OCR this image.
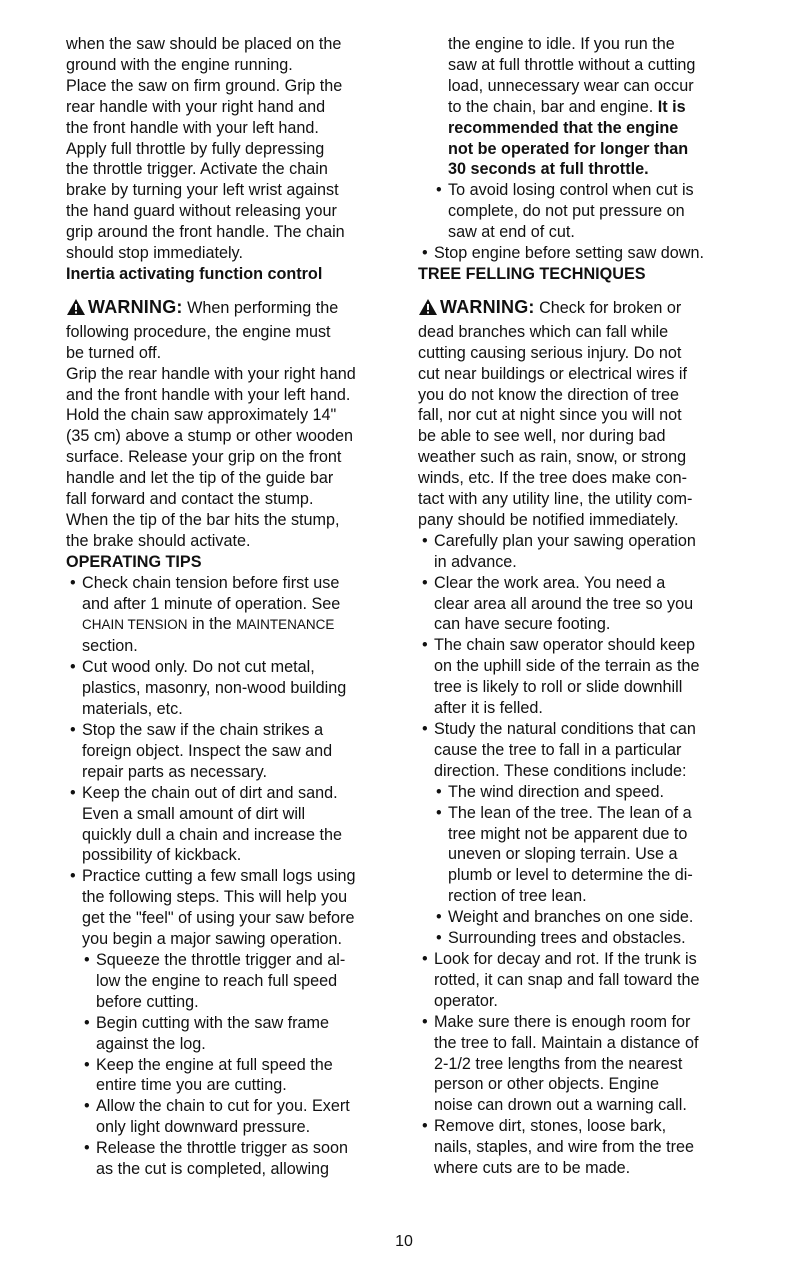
when the saw should be placed on the
ground with the engine running.
Place the saw on firm ground. Grip the
rear handle with your right hand and
the front handle with your left hand.
Apply full throttle by fully depressing
the throttle trigger. Activate the chain
brake by turning your left wrist against
the hand guard without releasing your
grip around the front handle. The chain
should stop immediately.
Inertia activating function control
WARNING: When performing the
following procedure, the engine must
be turned off.
Grip the rear handle with your right hand
and the front handle with your left hand.
Hold the chain saw approximately 14"
(35 cm) above a stump or other wooden
surface. Release your grip on the front
handle and let the tip of the guide bar
fall forward and contact the stump.
When the tip of the bar hits the stump,
the brake should activate.
OPERATING TIPS
• Check chain tension before first use
and after 1 minute of operation. See
CHAIN TENSION in the MAINTENANCE
section.
• Cut wood only. Do not cut metal,
plastics, masonry, non-wood building
materials, etc.
• Stop the saw if the chain strikes a
foreign object. Inspect the saw and
repair parts as necessary.
• Keep the chain out of dirt and sand.
Even a small amount of dirt will
quickly dull a chain and increase the
possibility of kickback.
• Practice cutting a few small logs using
the following steps. This will help you
get the "feel" of using your saw before
you begin a major sawing operation.
• Squeeze the throttle trigger and al-
low the engine to reach full speed
before cutting.
• Begin cutting with the saw frame
against the log.
• Keep the engine at full speed the
entire time you are cutting.
• Allow the chain to cut for you. Exert
only light downward pressure.
• Release the throttle trigger as soon
as the cut is completed, allowing
the engine to idle. If you run the
saw at full throttle without a cutting
load, unnecessary wear can occur
to the chain, bar and engine. It is
recommended that the engine
not be operated for longer than
30 seconds at full throttle.
• To avoid losing control when cut is
complete, do not put pressure on
saw at end of cut.
• Stop engine before setting saw down.
TREE FELLING TECHNIQUES
WARNING: Check for broken or
dead branches which can fall while
cutting causing serious injury. Do not
cut near buildings or electrical wires if
you do not know the direction of tree
fall, nor cut at night since you will not
be able to see well, nor during bad
weather such as rain, snow, or strong
winds, etc. If the tree does make con-
tact with any utility line, the utility com-
pany should be notified immediately.
• Carefully plan your sawing operation
in advance.
• Clear the work area. You need a
clear area all around the tree so you
can have secure footing.
• The chain saw operator should keep
on the uphill side of the terrain as the
tree is likely to roll or slide downhill
after it is felled.
• Study the natural conditions that can
cause the tree to fall in a particular
direction. These conditions include:
• The wind direction and speed.
• The lean of the tree. The lean of a
tree might not be apparent due to
uneven or sloping terrain. Use a
plumb or level to determine the di-
rection of tree lean.
• Weight and branches on one side.
• Surrounding trees and obstacles.
• Look for decay and rot. If the trunk is
rotted, it can snap and fall toward the
operator.
• Make sure there is enough room for
the tree to fall. Maintain a distance of
2-1/2 tree lengths from the nearest
person or other objects. Engine
noise can drown out a warning call.
• Remove dirt, stones, loose bark,
nails, staples, and wire from the tree
where cuts are to be made.
10
